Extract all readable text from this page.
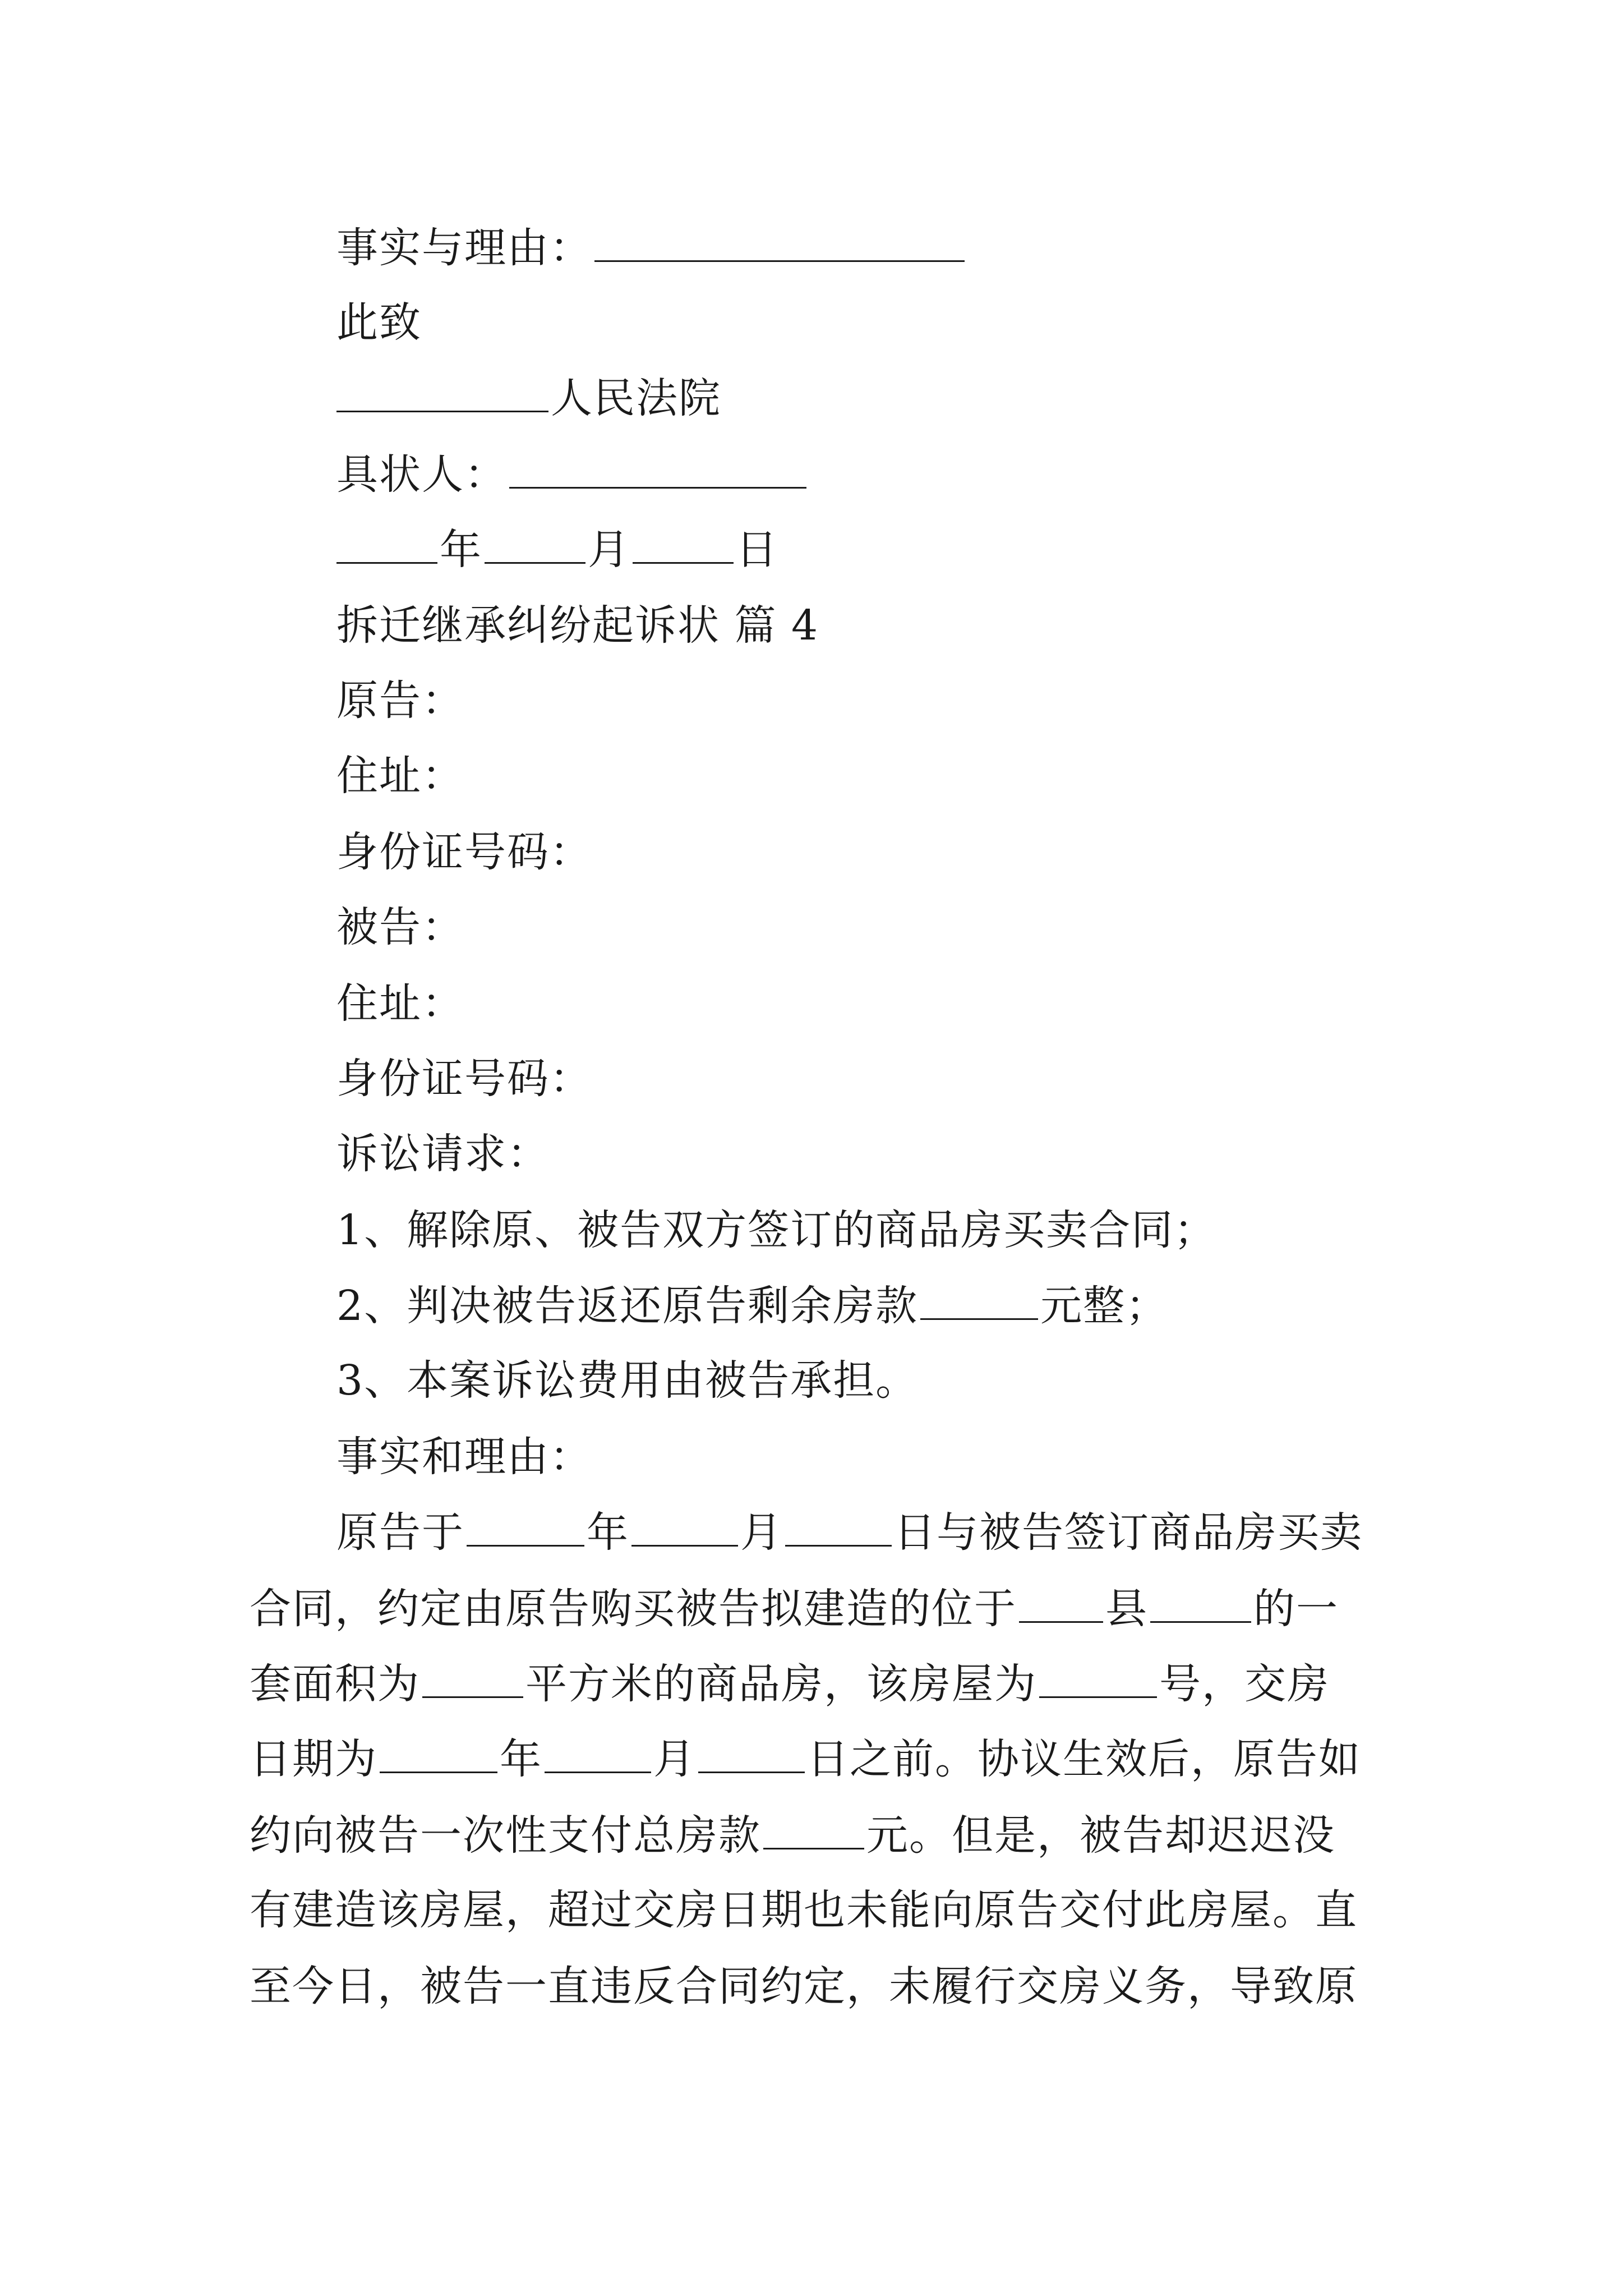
事实与理由：
此致
人民法院
具状人：
年	月	日
拆迁继承纠纷起诉状 篇 4
原告：
住址：
身份证号码：
被告：
住址：
身份证号码：
诉讼请求：
1、解除原、被告双方签订的商品房买卖合同；
2、判决被告返还原告剩余房款	元整；
3、本案诉讼费用由被告承担。
事实和理由：
原告于	年	月	日与被告签订商品房买卖
合同，约定由原告购买被告拟建造的位于 县	的一
套面积为	平方米的商品房，该房屋为	号，交房
日期为	年	月	日之前。协议生效后，原告如
约向被告一次性支付总房款	元。但是，被告却迟迟没
有建造该房屋，超过交房日期也未能向原告交付此房屋。直
至今日，被告一直违反合同约定，未履行交房义务，导致原
